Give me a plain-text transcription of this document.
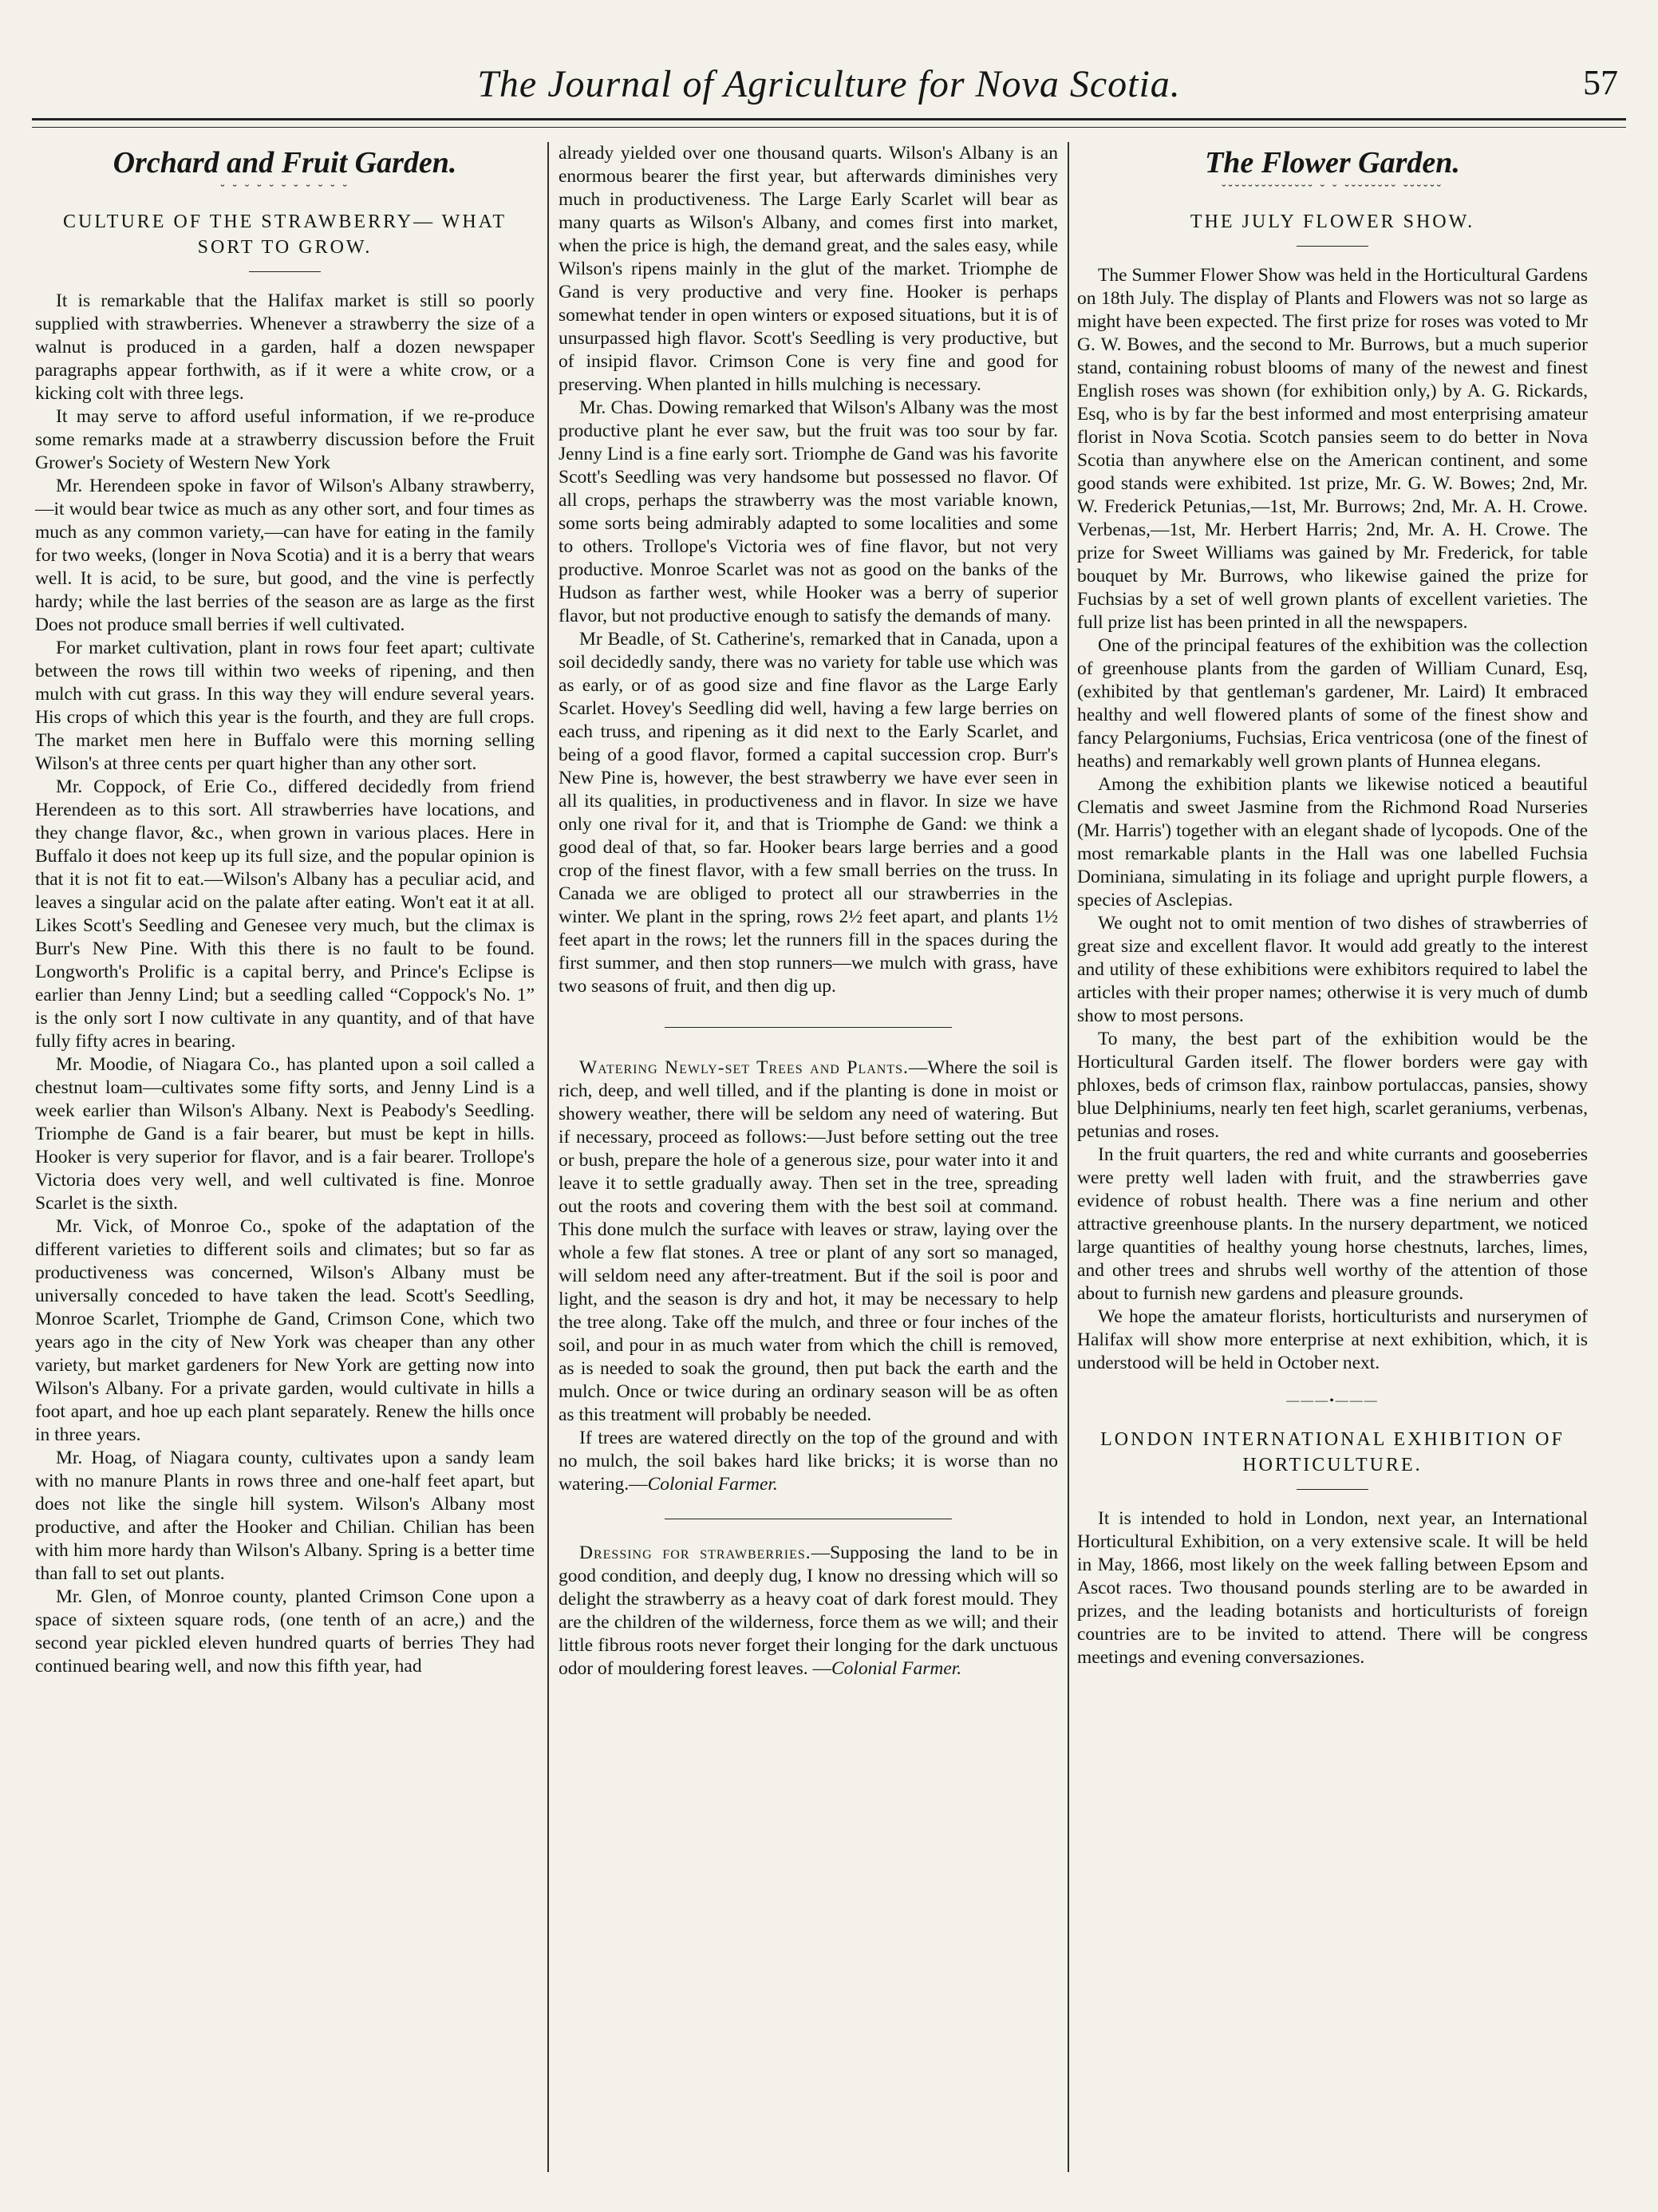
The Journal of Agriculture for Nova Scotia.	57
Orchard and Fruit Garden.
˘ ˘ ˘ ˘ ˘ ˘ ˘ ˘ ˘ ˘ ˘
CULTURE OF THE STRAWBERRY— WHAT SORT TO GROW.

It is remarkable that the Halifax market is still so poorly supplied with strawberries. Whenever a strawberry the size of a walnut is produced in a garden, half a dozen newspaper paragraphs appear forthwith, as if it were a white crow, or a kicking colt with three legs.

It may serve to afford useful information, if we re-produce some remarks made at a strawberry discussion before the Fruit Grower's Society of Western New York

Mr. Herendeen spoke in favor of Wilson's Albany strawberry,—it would bear twice as much as any other sort, and four times as much as any common variety,—can have for eating in the family for two weeks, (longer in Nova Scotia) and it is a berry that wears well. It is acid, to be sure, but good, and the vine is perfectly hardy; while the last berries of the season are as large as the first Does not produce small berries if well cultivated.

For market cultivation, plant in rows four feet apart; cultivate between the rows till within two weeks of ripening, and then mulch with cut grass. In this way they will endure several years. His crops of which this year is the fourth, and they are full crops. The market men here in Buffalo were this morning selling Wilson's at three cents per quart higher than any other sort.

Mr. Coppock, of Erie Co., differed decidedly from friend Herendeen as to this sort. All strawberries have locations, and they change flavor, &c., when grown in various places. Here in Buffalo it does not keep up its full size, and the popular opinion is that it is not fit to eat.—Wilson's Albany has a peculiar acid, and leaves a singular acid on the palate after eating. Won't eat it at all. Likes Scott's Seedling and Genesee very much, but the climax is Burr's New Pine. With this there is no fault to be found. Longworth's Prolific is a capital berry, and Prince's Eclipse is earlier than Jenny Lind; but a seedling called “Coppock's No. 1” is the only sort I now cultivate in any quantity, and of that have fully fifty acres in bearing.

Mr. Moodie, of Niagara Co., has planted upon a soil called a chestnut loam—cultivates some fifty sorts, and Jenny Lind is a week earlier than Wilson's Albany. Next is Peabody's Seedling. Triomphe de Gand is a fair bearer, but must be kept in hills. Hooker is very superior for flavor, and is a fair bearer. Trollope's Victoria does very well, and well cultivated is fine. Monroe Scarlet is the sixth.

Mr. Vick, of Monroe Co., spoke of the adaptation of the different varieties to different soils and climates; but so far as productiveness was concerned, Wilson's Albany must be universally conceded to have taken the lead. Scott's Seedling, Monroe Scarlet, Triomphe de Gand, Crimson Cone, which two years ago in the city of New York was cheaper than any other variety, but market gardeners for New York are getting now into Wilson's Albany. For a private garden, would cultivate in hills a foot apart, and hoe up each plant separately. Renew the hills once in three years.

Mr. Hoag, of Niagara county, cultivates upon a sandy leam with no manure Plants in rows three and one-half feet apart, but does not like the single hill system. Wilson's Albany most productive, and after the Hooker and Chilian. Chilian has been with him more hardy than Wilson's Albany. Spring is a better time than fall to set out plants.

Mr. Glen, of Monroe county, planted Crimson Cone upon a space of sixteen square rods, (one tenth of an acre,) and the second year pickled eleven hundred quarts of berries They had continued bearing well, and now this fifth year, had

already yielded over one thousand quarts. Wilson's Albany is an enormous bearer the first year, but afterwards diminishes very much in productiveness. The Large Early Scarlet will bear as many quarts as Wilson's Albany, and comes first into market, when the price is high, the demand great, and the sales easy, while Wilson's ripens mainly in the glut of the market. Triomphe de Gand is very productive and very fine. Hooker is perhaps somewhat tender in open winters or exposed situations, but it is of unsurpassed high flavor. Scott's Seedling is very productive, but of insipid flavor. Crimson Cone is very fine and good for preserving. When planted in hills mulching is necessary.

Mr. Chas. Dowing remarked that Wilson's Albany was the most productive plant he ever saw, but the fruit was too sour by far. Jenny Lind is a fine early sort. Triomphe de Gand was his favorite Scott's Seedling was very handsome but possessed no flavor. Of all crops, perhaps the strawberry was the most variable known, some sorts being admirably adapted to some localities and some to others. Trollope's Victoria wes of fine flavor, but not very productive. Monroe Scarlet was not as good on the banks of the Hudson as farther west, while Hooker was a berry of superior flavor, but not productive enough to satisfy the demands of many.

Mr Beadle, of St. Catherine's, remarked that in Canada, upon a soil decidedly sandy, there was no variety for table use which was as early, or of as good size and fine flavor as the Large Early Scarlet. Hovey's Seedling did well, having a few large berries on each truss, and ripening as it did next to the Early Scarlet, and being of a good flavor, formed a capital succession crop. Burr's New Pine is, however, the best strawberry we have ever seen in all its qualities, in productiveness and in flavor. In size we have only one rival for it, and that is Triomphe de Gand: we think a good deal of that, so far. Hooker bears large berries and a good crop of the finest flavor, with a few small berries on the truss. In Canada we are obliged to protect all our strawberries in the winter. We plant in the spring, rows 2½ feet apart, and plants 1½ feet apart in the rows; let the runners fill in the spaces during the first summer, and then stop runners—we mulch with grass, have two seasons of fruit, and then dig up.

Watering Newly-set Trees and Plants.—Where the soil is rich, deep, and well tilled, and if the planting is done in moist or showery weather, there will be seldom any need of watering. But if necessary, proceed as follows:—Just before setting out the tree or bush, prepare the hole of a generous size, pour water into it and leave it to settle gradually away. Then set in the tree, spreading out the roots and covering them with the best soil at command. This done mulch the surface with leaves or straw, laying over the whole a few flat stones. A tree or plant of any sort so managed, will seldom need any after-treatment. But if the soil is poor and light, and the season is dry and hot, it may be necessary to help the tree along. Take off the mulch, and three or four inches of the soil, and pour in as much water from which the chill is removed, as is needed to soak the ground, then put back the earth and the mulch. Once or twice during an ordinary season will be as often as this treatment will probably be needed.

If trees are watered directly on the top of the ground and with no mulch, the soil bakes hard like bricks; it is worse than no watering.—Colonial Farmer.

Dressing for strawberries.—Supposing the land to be in good condition, and deeply dug, I know no dressing which will so delight the strawberry as a heavy coat of dark forest mould. They are the children of the wilderness, force them as we will; and their little fibrous roots never forget their longing for the dark unctuous odor of mouldering forest leaves. —Colonial Farmer.

The Flower Garden.
˘˘˘˘˘˘˘˘˘˘˘˘˘˘ ˘ ˘ ˘˘˘˘˘˘˘˘ ˘˘˘˘˘˘
THE JULY FLOWER SHOW.

The Summer Flower Show was held in the Horticultural Gardens on 18th July. The display of Plants and Flowers was not so large as might have been expected. The first prize for roses was voted to Mr G. W. Bowes, and the second to Mr. Burrows, but a much superior stand, containing robust blooms of many of the newest and finest English roses was shown (for exhibition only,) by A. G. Rickards, Esq, who is by far the best informed and most enterprising amateur florist in Nova Scotia. Scotch pansies seem to do better in Nova Scotia than anywhere else on the American continent, and some good stands were exhibited. 1st prize, Mr. G. W. Bowes; 2nd, Mr. W. Frederick Petunias,—1st, Mr. Burrows; 2nd, Mr. A. H. Crowe. Verbenas,—1st, Mr. Herbert Harris; 2nd, Mr. A. H. Crowe. The prize for Sweet Williams was gained by Mr. Frederick, for table bouquet by Mr. Burrows, who likewise gained the prize for Fuchsias by a set of well grown plants of excellent varieties. The full prize list has been printed in all the newspapers.

One of the principal features of the exhibition was the collection of greenhouse plants from the garden of William Cunard, Esq, (exhibited by that gentleman's gardener, Mr. Laird) It embraced healthy and well flowered plants of some of the finest show and fancy Pelargoniums, Fuchsias, Erica ventricosa (one of the finest of heaths) and remarkably well grown plants of Hunnea elegans.

Among the exhibition plants we likewise noticed a beautiful Clematis and sweet Jasmine from the Richmond Road Nurseries (Mr. Harris') together with an elegant shade of lycopods. One of the most remarkable plants in the Hall was one labelled Fuchsia Dominiana, simulating in its foliage and upright purple flowers, a species of Asclepias.

We ought not to omit mention of two dishes of strawberries of great size and excellent flavor. It would add greatly to the interest and utility of these exhibitions were exhibitors required to label the articles with their proper names; otherwise it is very much of dumb show to most persons.

To many, the best part of the exhibition would be the Horticultural Garden itself. The flower borders were gay with phloxes, beds of crimson flax, rainbow portulaccas, pansies, showy blue Delphiniums, nearly ten feet high, scarlet geraniums, verbenas, petunias and roses.

In the fruit quarters, the red and white currants and gooseberries were pretty well laden with fruit, and the strawberries gave evidence of robust health. There was a fine nerium and other attractive greenhouse plants. In the nursery department, we noticed large quantities of healthy young horse chestnuts, larches, limes, and other trees and shrubs well worthy of the attention of those about to furnish new gardens and pleasure grounds.

We hope the amateur florists, horticulturists and nurserymen of Halifax will show more enterprise at next exhibition, which, it is understood will be held in October next.

———•———
LONDON INTERNATIONAL EXHIBITION OF HORTICULTURE.

It is intended to hold in London, next year, an International Horticultural Exhibition, on a very extensive scale. It will be held in May, 1866, most likely on the week falling between Epsom and Ascot races. Two thousand pounds sterling are to be awarded in prizes, and the leading botanists and horticulturists of foreign countries are to be invited to attend. There will be congress meetings and evening conversaziones.
